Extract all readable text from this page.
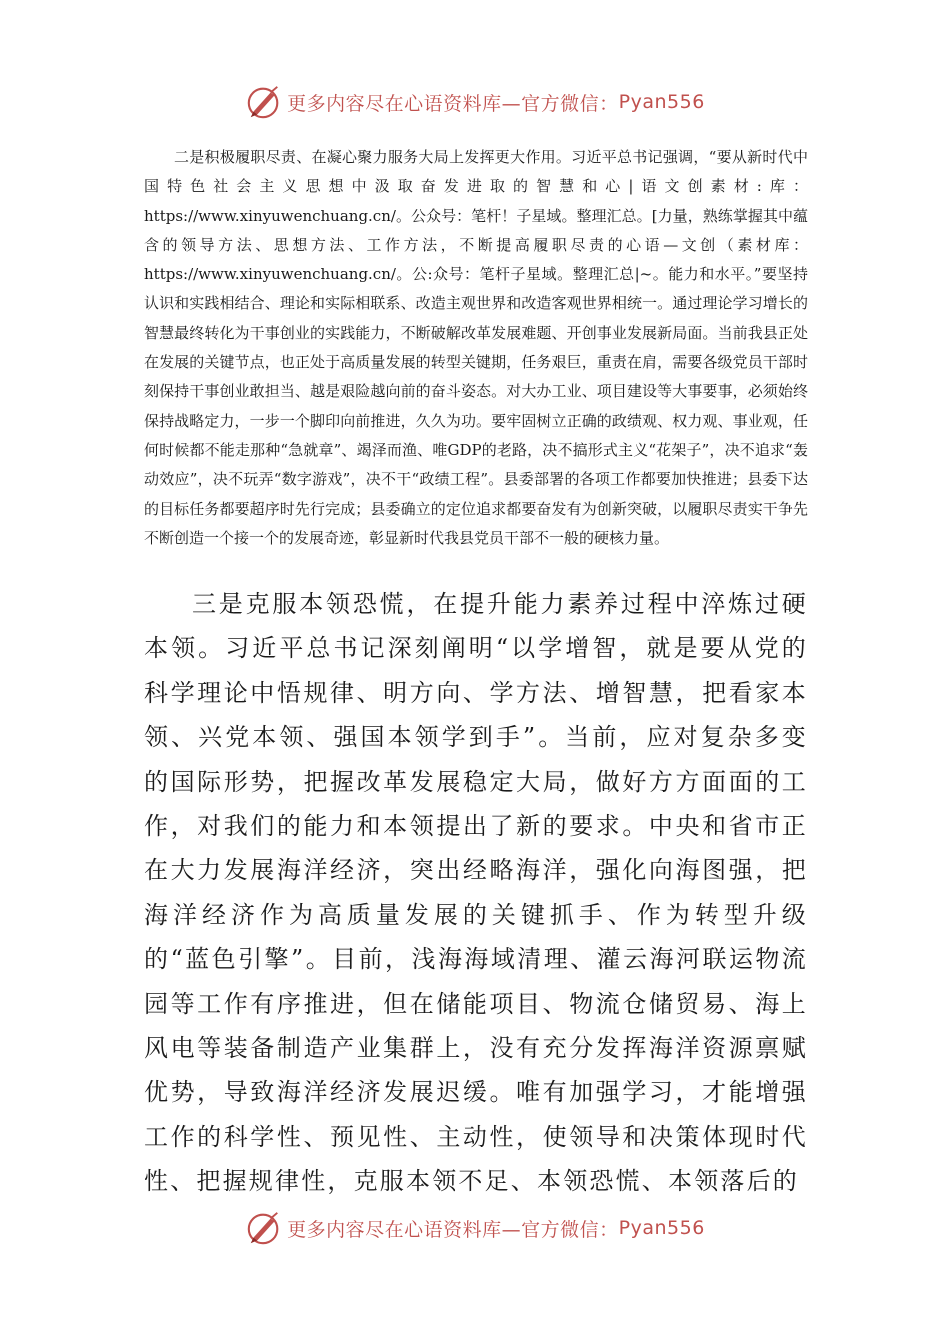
更多内容尽在心语资料库—官方微信： Pyan556

二是积极履职尽责、在凝心聚力服务大局上发挥更大作用。习近平总书记强调，“要从新时代中国特色社会主义思想中汲取奋发进取的智慧和心|语文创素材:库：https://www.xinyuwenchuang.cn/。公众号：笔杆！子星域。整理汇总。[力量，熟练掌握其中蕴含的领导方法、思想方法、工作方法，不断提高履职尽责的心语—文创（素材库：https://www.xinyuwenchuang.cn/。公:众号：笔杆子星域。整理汇总|~。能力和水平。”要坚持认识和实践相结合、理论和实际相联系、改造主观世界和改造客观世界相统一。通过理论学习增长的智慧最终转化为干事创业的实践能力，不断破解改革发展难题、开创事业发展新局面。当前我县正处在发展的关键节点，也正处于高质量发展的转型关键期，任务艰巨，重责在肩，需要各级党员干部时刻保持干事创业敢担当、越是艰险越向前的奋斗姿态。对大办工业、项目建设等大事要事，必须始终保持战略定力，一步一个脚印向前推进，久久为功。要牢固树立正确的政绩观、权力观、事业观，任何时候都不能走那种“急就章”、竭泽而渔、唯GDP的老路，决不搞形式主义“花架子”，决不追求“轰动效应”，决不玩弄“数字游戏”，决不干“政绩工程”。县委部署的各项工作都要加快推进；县委下达的目标任务都要超序时先行完成；县委确立的定位追求都要奋发有为创新突破，以履职尽责实干争先不断创造一个接一个的发展奇迹，彰显新时代我县党员干部不一般的硬核力量。

三是克服本领恐慌，在提升能力素养过程中淬炼过硬本领。习近平总书记深刻阐明“以学增智，就是要从党的科学理论中悟规律、明方向、学方法、增智慧，把看家本领、兴党本领、强国本领学到手”。当前，应对复杂多变的国际形势，把握改革发展稳定大局，做好方方面面的工作，对我们的能力和本领提出了新的要求。中央和省市正在大力发展海洋经济，突出经略海洋，强化向海图强，把海洋经济作为高质量发展的关键抓手、作为转型升级的“蓝色引擎”。目前，浅海海域清理、灌云海河联运物流园等工作有序推进，但在储能项目、物流仓储贸易、海上风电等装备制造产业集群上，没有充分发挥海洋资源禀赋优势，导致海洋经济发展迟缓。唯有加强学习，才能增强工作的科学性、预见性、主动性，使领导和决策体现时代性、把握规律性，克服本领不足、本领恐慌、本领落后的

更多内容尽在心语资料库—官方微信： Pyan556
